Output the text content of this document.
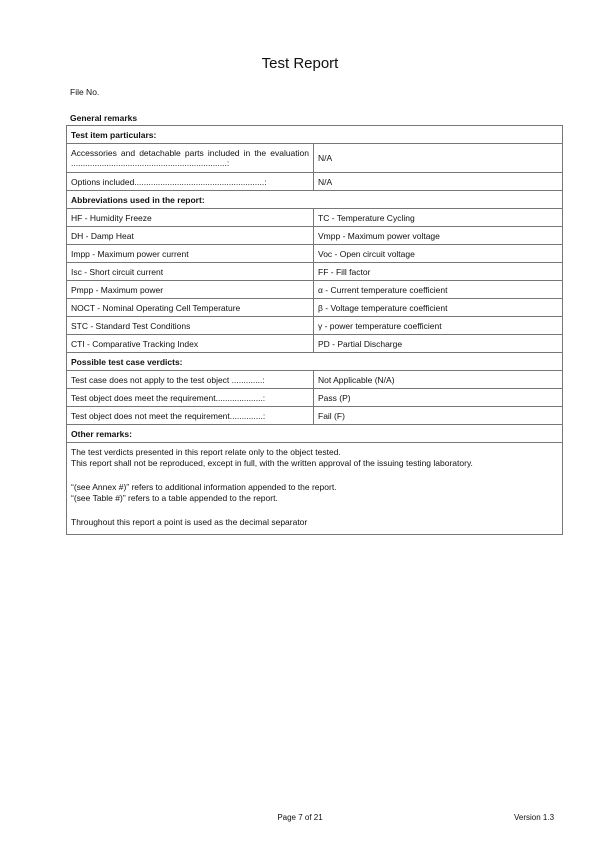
Test Report
File No.
General remarks
Test item particulars:	
Accessories and detachable parts included in the evaluation ..................................................................:	N/A
Options included.......................................................:	N/A
Abbreviations used in the report:	
HF - Humidity Freeze	TC - Temperature Cycling
DH - Damp Heat	Vmpp - Maximum power voltage
Impp - Maximum power current	Voc - Open circuit voltage
Isc - Short circuit current	FF - Fill factor
Pmpp - Maximum power	α - Current temperature coefficient
NOCT - Nominal Operating Cell Temperature	β - Voltage temperature coefficient
STC - Standard Test Conditions	γ - power temperature coefficient
CTI - Comparative Tracking Index	PD - Partial Discharge
Possible test case verdicts:	
Test case does not apply to the test object .............:	Not Applicable (N/A)
Test object does meet the requirement....................:	Pass (P)
Test object does not meet the requirement..............:	Fail (F)
Other remarks:	

The test verdicts presented in this report relate only to the object tested.

This report shall not be reproduced, except in full, with the written approval of the issuing testing laboratory.

“(see Annex #)” refers to additional information appended to the report.

“(see Table #)” refers to a table appended to the report.

Throughout this report a point is used as the decimal separator	

Page 7 of 21	Version 1.3
